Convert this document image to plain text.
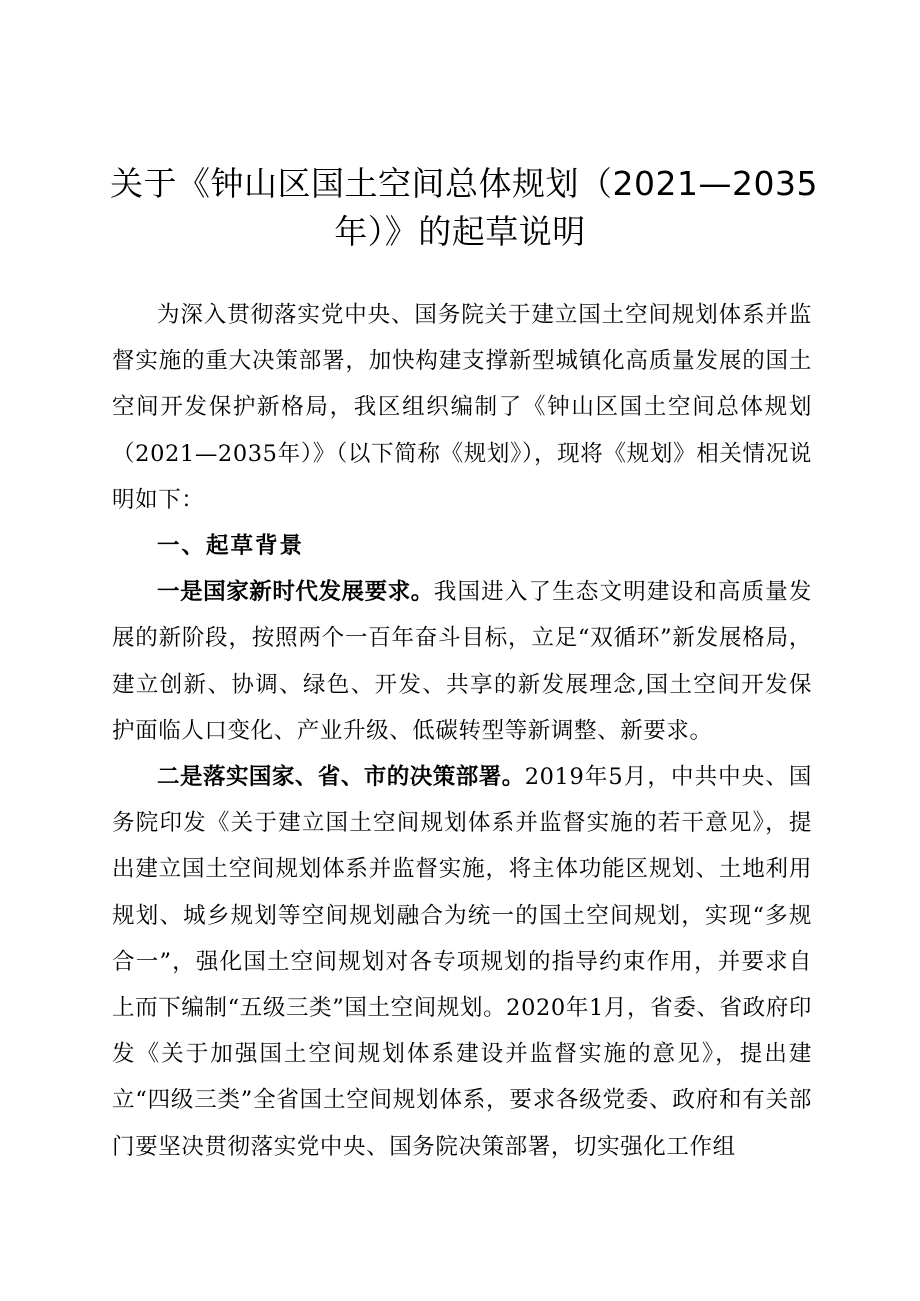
关于《钟山区国土空间总体规划（2021—2035
年）》的起草说明

为深入贯彻落实党中央、国务院关于建立国土空间规划体系并监督实施的重大决策部署，加快构建支撑新型城镇化高质量发展的国土空间开发保护新格局，我区组织编制了《钟山区国土空间总体规划（2021—2035年）》（以下简称《规划》），现将《规划》相关情况说明如下：

一、起草背景

一是国家新时代发展要求。我国进入了生态文明建设和高质量发展的新阶段，按照两个一百年奋斗目标，立足“双循环”新发展格局，建立创新、协调、绿色、开发、共享的新发展理念,国土空间开发保护面临人口变化、产业升级、低碳转型等新调整、新要求。

二是落实国家、省、市的决策部署。2019年5月，中共中央、国务院印发《关于建立国土空间规划体系并监督实施的若干意见》，提出建立国土空间规划体系并监督实施，将主体功能区规划、土地利用规划、城乡规划等空间规划融合为统一的国土空间规划，实现“多规合一”，强化国土空间规划对各专项规划的指导约束作用，并要求自上而下编制“五级三类”国土空间规划。2020年1月，省委、省政府印发《关于加强国土空间规划体系建设并监督实施的意见》，提出建立“四级三类”全省国土空间规划体系，要求各级党委、政府和有关部门要坚决贯彻落实党中央、国务院决策部署，切实强化工作组
